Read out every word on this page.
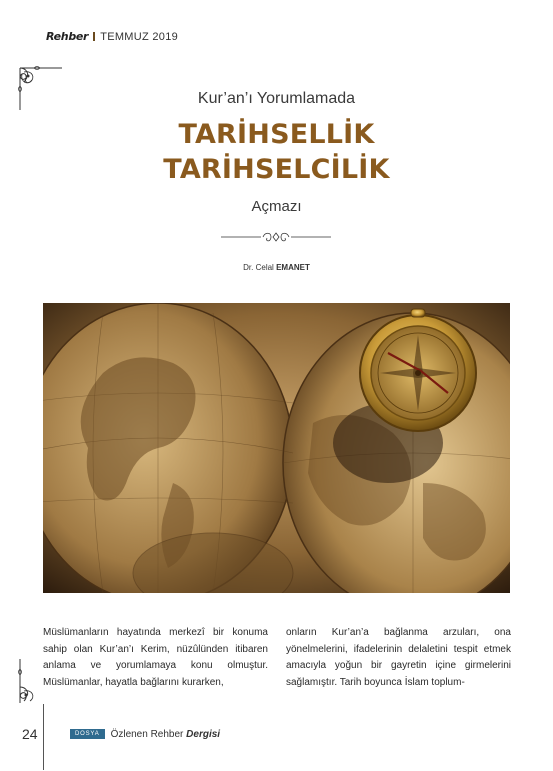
Rehber TEMMUZ 2019
Kur’an’ı Yorumlamada
TARİHSELLİK
TARİHSELCİLİK
Açmazı
Dr. Celal EMANET

Müslümanların hayatında merkezî bir konuma sahip olan Kur’an’ı Kerim, nüzûlünden itibaren anlama ve yorumlamaya konu olmuştur. Müslümanlar, hayatla bağlarını kurarken,

onların Kur’an’a bağlanma arzuları, ona yönelmelerini, ifadelerinin delaletini tespit etmek amacıyla yoğun bir gayretin içine girmelerini sağlamıştır. Tarih boyunca İslam toplum-

24	DOSYA	Özlenen Rehber Dergisi
